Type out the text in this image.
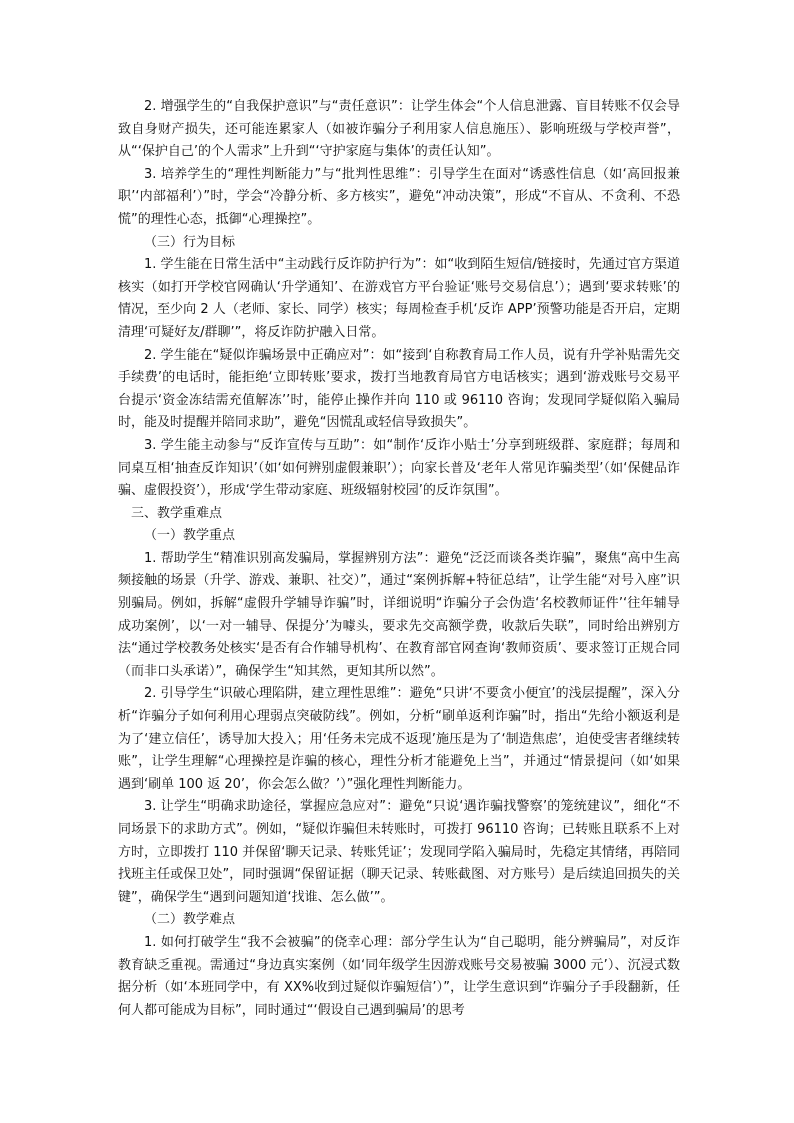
2. 增强学生的“自我保护意识”与“责任意识”：让学生体会“个人信息泄露、盲目转账不仅会导致自身财产损失，还可能连累家人（如被诈骗分子利用家人信息施压）、影响班级与学校声誉”，从“‘保护自己’的个人需求”上升到“‘守护家庭与集体’的责任认知”。

3. 培养学生的“理性判断能力”与“批判性思维”：引导学生在面对“诱惑性信息（如‘高回报兼职’‘内部福利’）”时，学会“冷静分析、多方核实”，避免“冲动决策”，形成“不盲从、不贪利、不恐慌”的理性心态，抵御“心理操控”。

（三）行为目标

1. 学生能在日常生活中“主动践行反诈防护行为”：如“收到陌生短信/链接时，先通过官方渠道核实（如打开学校官网确认‘升学通知’、在游戏官方平台验证‘账号交易信息’）；遇到‘要求转账’的情况，至少向 2 人（老师、家长、同学）核实；每周检查手机‘反诈 APP’预警功能是否开启，定期清理‘可疑好友/群聊’”，将反诈防护融入日常。

2. 学生能在“疑似诈骗场景中正确应对”：如“接到‘自称教育局工作人员，说有升学补贴需先交手续费’的电话时，能拒绝‘立即转账’要求，拨打当地教育局官方电话核实；遇到‘游戏账号交易平台提示‘资金冻结需充值解冻’’时，能停止操作并向 110 或 96110 咨询；发现同学疑似陷入骗局时，能及时提醒并陪同求助”，避免“因慌乱或轻信导致损失”。

3. 学生能主动参与“反诈宣传与互助”：如“制作‘反诈小贴士’分享到班级群、家庭群；每周和同桌互相‘抽查反诈知识’（如‘如何辨别虚假兼职’）；向家长普及‘老年人常见诈骗类型’（如‘保健品诈骗、虚假投资’），形成‘学生带动家庭、班级辐射校园’的反诈氛围”。

三、教学重难点

（一）教学重点

1. 帮助学生“精准识别高发骗局，掌握辨别方法”：避免“泛泛而谈各类诈骗”，聚焦“高中生高频接触的场景（升学、游戏、兼职、社交）”，通过“案例拆解+特征总结”，让学生能“对号入座”识别骗局。例如，拆解“虚假升学辅导诈骗”时，详细说明“诈骗分子会伪造‘名校教师证件’‘往年辅导成功案例’，以‘一对一辅导、保提分’为噱头，要求先交高额学费，收款后失联”，同时给出辨别方法“通过学校教务处核实‘是否有合作辅导机构’、在教育部官网查询‘教师资质’、要求签订正规合同（而非口头承诺）”，确保学生“知其然，更知其所以然”。

2. 引导学生“识破心理陷阱，建立理性思维”：避免“只讲‘不要贪小便宜’的浅层提醒”，深入分析“诈骗分子如何利用心理弱点突破防线”。例如，分析“刷单返利诈骗”时，指出“先给小额返利是为了‘建立信任’，诱导加大投入；用‘任务未完成不返现’施压是为了‘制造焦虑’，迫使受害者继续转账”，让学生理解“心理操控是诈骗的核心，理性分析才能避免上当”，并通过“情景提问（如‘如果遇到‘刷单 100 返 20’，你会怎么做？’）”强化理性判断能力。

3. 让学生“明确求助途径，掌握应急应对”：避免“只说‘遇诈骗找警察’的笼统建议”，细化“不同场景下的求助方式”。例如，“疑似诈骗但未转账时，可拨打 96110 咨询；已转账且联系不上对方时，立即拨打 110 并保留‘聊天记录、转账凭证’；发现同学陷入骗局时，先稳定其情绪，再陪同找班主任或保卫处”，同时强调“保留证据（聊天记录、转账截图、对方账号）是后续追回损失的关键”，确保学生“遇到问题知道‘找谁、怎么做’”。

（二）教学难点

1. 如何打破学生“我不会被骗”的侥幸心理：部分学生认为“自己聪明，能分辨骗局”，对反诈教育缺乏重视。需通过“身边真实案例（如‘同年级学生因游戏账号交易被骗 3000 元’）、沉浸式数据分析（如‘本班同学中，有 XX%收到过疑似诈骗短信’）”，让学生意识到“诈骗分子手段翻新，任何人都可能成为目标”，同时通过“‘假设自己遇到骗局’的思考
